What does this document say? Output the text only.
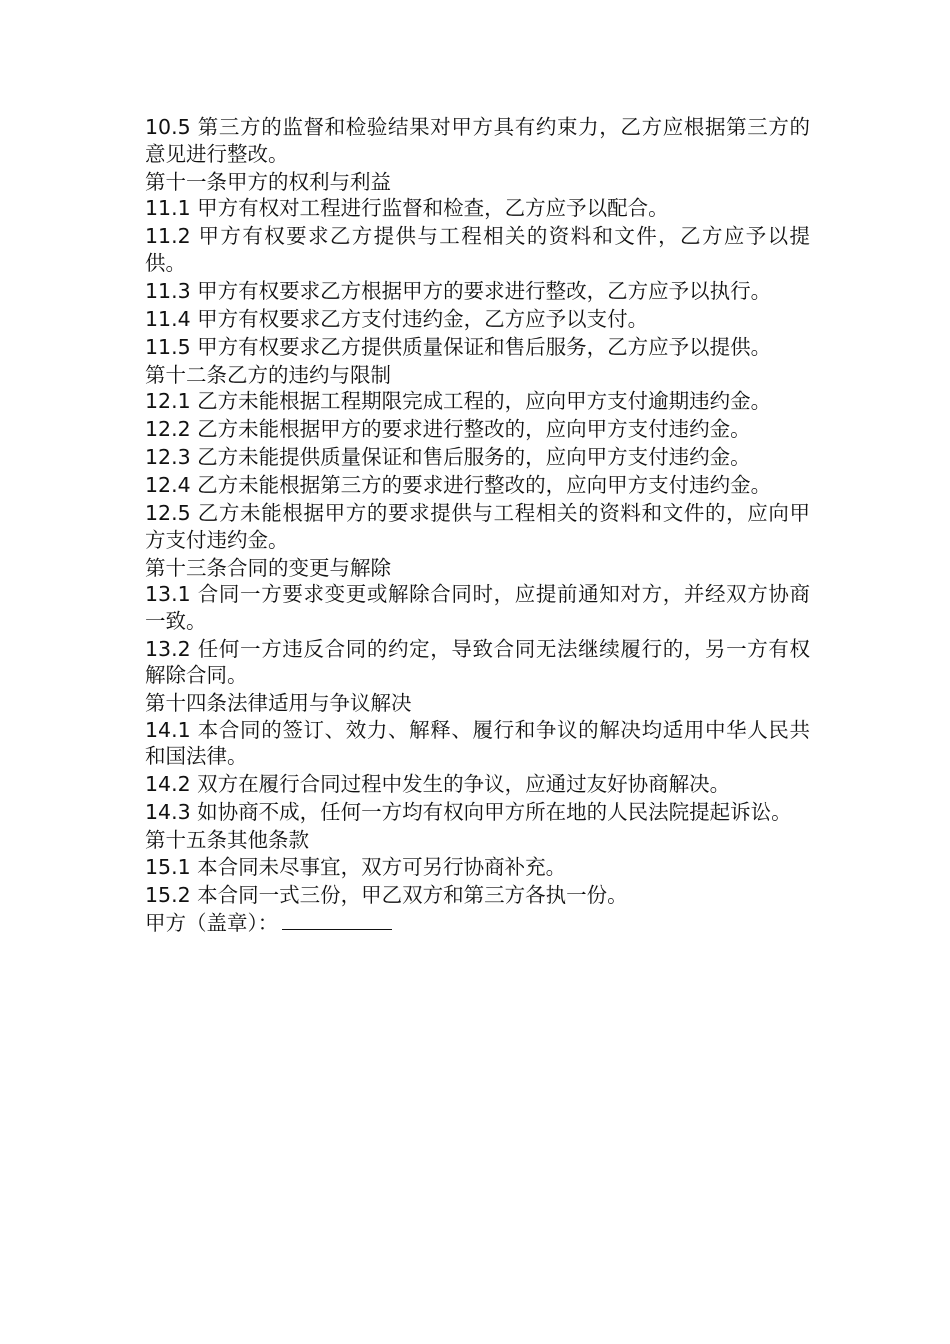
10.5 第三方的监督和检验结果对甲方具有约束力，乙方应根据第三方的意见进行整改。

第十一条甲方的权利与利益

11.1 甲方有权对工程进行监督和检查，乙方应予以配合。

11.2 甲方有权要求乙方提供与工程相关的资料和文件，乙方应予以提供。

11.3 甲方有权要求乙方根据甲方的要求进行整改，乙方应予以执行。

11.4 甲方有权要求乙方支付违约金，乙方应予以支付。

11.5 甲方有权要求乙方提供质量保证和售后服务，乙方应予以提供。

第十二条乙方的违约与限制

12.1 乙方未能根据工程期限完成工程的，应向甲方支付逾期违约金。

12.2 乙方未能根据甲方的要求进行整改的，应向甲方支付违约金。

12.3 乙方未能提供质量保证和售后服务的，应向甲方支付违约金。

12.4 乙方未能根据第三方的要求进行整改的，应向甲方支付违约金。

12.5 乙方未能根据甲方的要求提供与工程相关的资料和文件的，应向甲方支付违约金。

第十三条合同的变更与解除

13.1 合同一方要求变更或解除合同时，应提前通知对方，并经双方协商一致。

13.2 任何一方违反合同的约定，导致合同无法继续履行的，另一方有权解除合同。

第十四条法律适用与争议解决

14.1 本合同的签订、效力、解释、履行和争议的解决均适用中华人民共和国法律。

14.2 双方在履行合同过程中发生的争议，应通过友好协商解决。

14.3 如协商不成，任何一方均有权向甲方所在地的人民法院提起诉讼。

第十五条其他条款

15.1 本合同未尽事宜，双方可另行协商补充。

15.2 本合同一式三份，甲乙双方和第三方各执一份。

甲方（盖章）：
